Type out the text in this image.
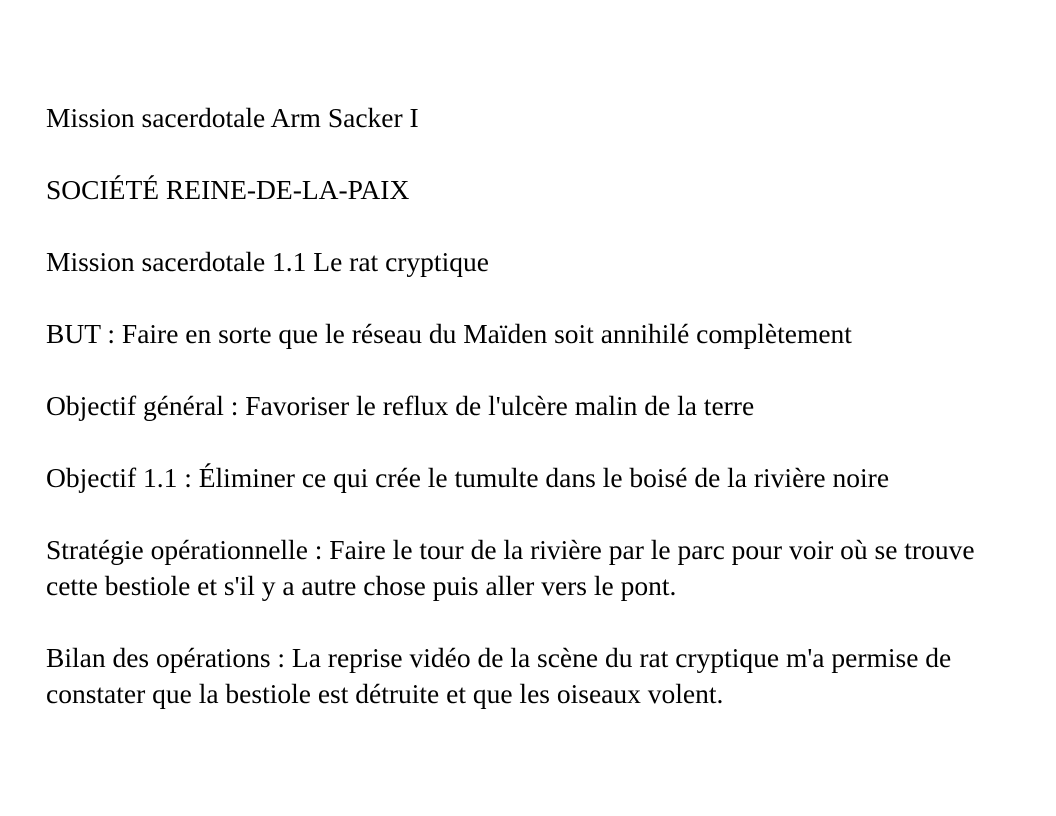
Mission sacerdotale Arm Sacker I

SOCIÉTÉ REINE-DE-LA-PAIX

Mission sacerdotale 1.1 Le rat cryptique

BUT : Faire en sorte que le réseau du Maïden soit annihilé complètement

Objectif général : Favoriser le reflux de l'ulcère malin de la terre

Objectif 1.1 : Éliminer ce qui crée le tumulte dans le boisé de la rivière noire

Stratégie opérationnelle : Faire le tour de la rivière par le parc pour voir où se trouve cette bestiole et s'il y a autre chose puis aller vers le pont.

Bilan des opérations : La reprise vidéo de la scène du rat cryptique m'a permise de constater que la bestiole est détruite et que les oiseaux volent.
